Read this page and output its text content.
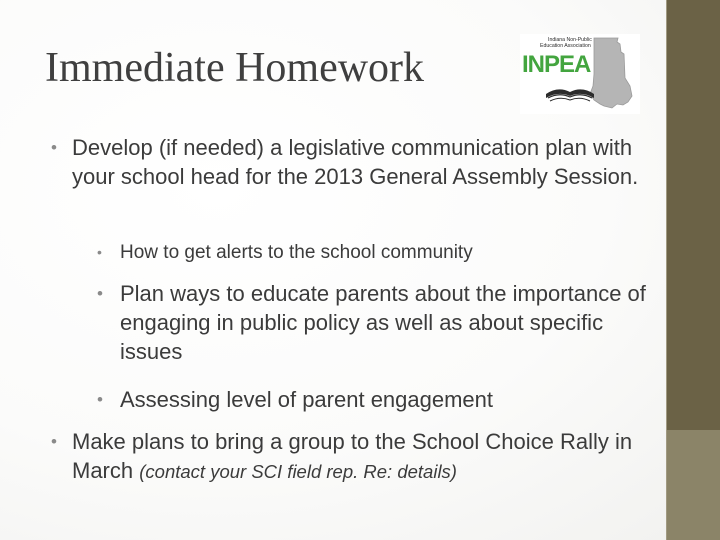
Immediate Homework
Indiana Non-Public
Education Association
INPEA
• Develop (if needed) a legislative communication plan with your school head for the 2013 General Assembly Session.
• How to get alerts to the school community
• Plan ways to educate parents about the importance of engaging in public policy as well as about specific issues
• Assessing level of parent engagement
• Make plans to bring a group to the School Choice Rally in March (contact your SCI field rep. Re: details)
